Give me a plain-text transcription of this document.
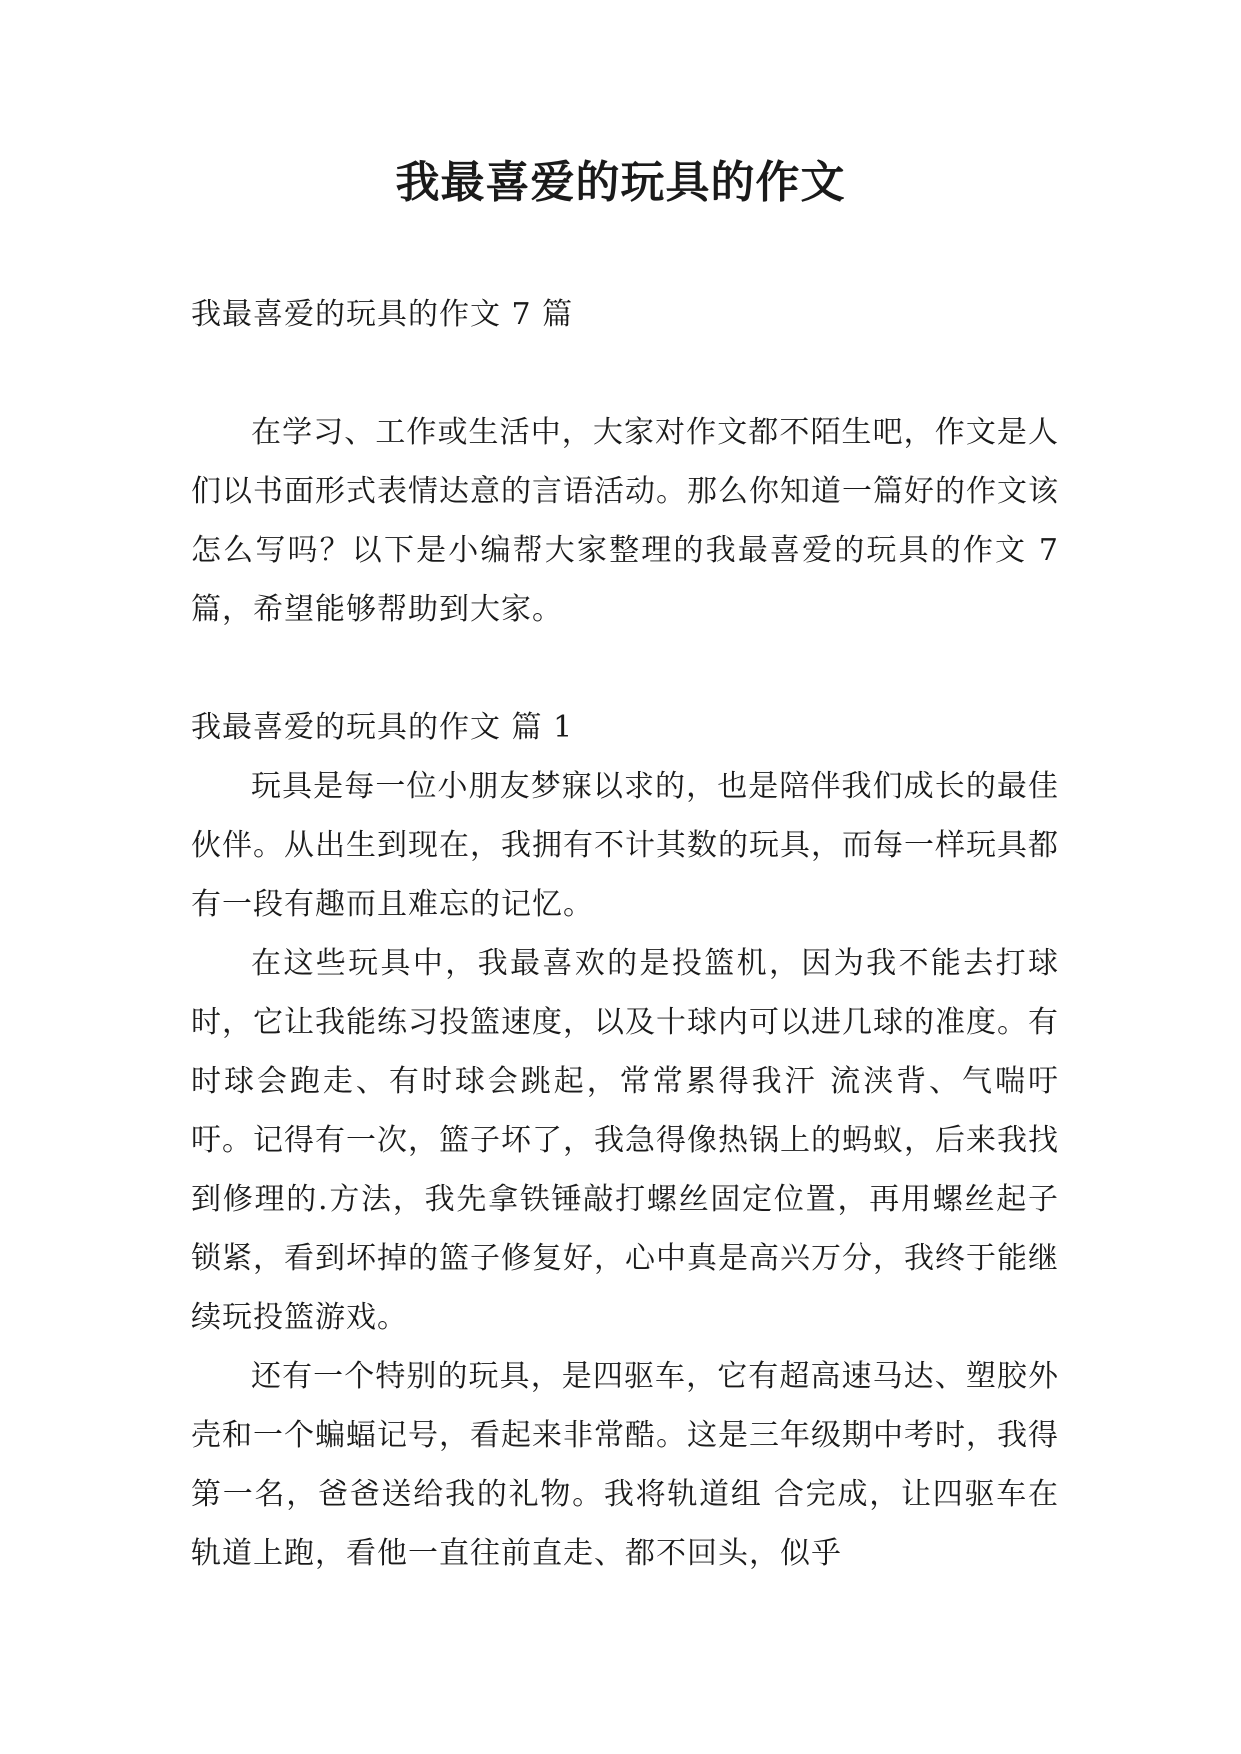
我最喜爱的玩具的作文

我最喜爱的玩具的作文 7 篇

在学习、工作或生活中，大家对作文都不陌生吧，作文是人们以书面形式表情达意的言语活动。那么你知道一篇好的作文该怎么写吗？以下是小编帮大家整理的我最喜爱的玩具的作文 7 篇，希望能够帮助到大家。

我最喜爱的玩具的作文 篇 1

玩具是每一位小朋友梦寐以求的，也是陪伴我们成长的最佳伙伴。从出生到现在，我拥有不计其数的玩具，而每一样玩具都有一段有趣而且难忘的记忆。

在这些玩具中，我最喜欢的是投篮机，因为我不能去打球时，它让我能练习投篮速度，以及十球内可以进几球的准度。有时球会跑走、有时球会跳起，常常累得我汗 流浃背、气喘吁吁。记得有一次，篮子坏了，我急得像热锅上的蚂蚁，后来我找到修理的.方法，我先拿铁锤敲打螺丝固定位置，再用螺丝起子锁紧，看到坏掉的篮子修复好，心中真是高兴万分，我终于能继续玩投篮游戏。

还有一个特别的玩具，是四驱车，它有超高速马达、塑胶外壳和一个蝙蝠记号，看起来非常酷。这是三年级期中考时，我得第一名，爸爸送给我的礼物。我将轨道组 合完成，让四驱车在轨道上跑，看他一直往前直走、都不回头，似乎
